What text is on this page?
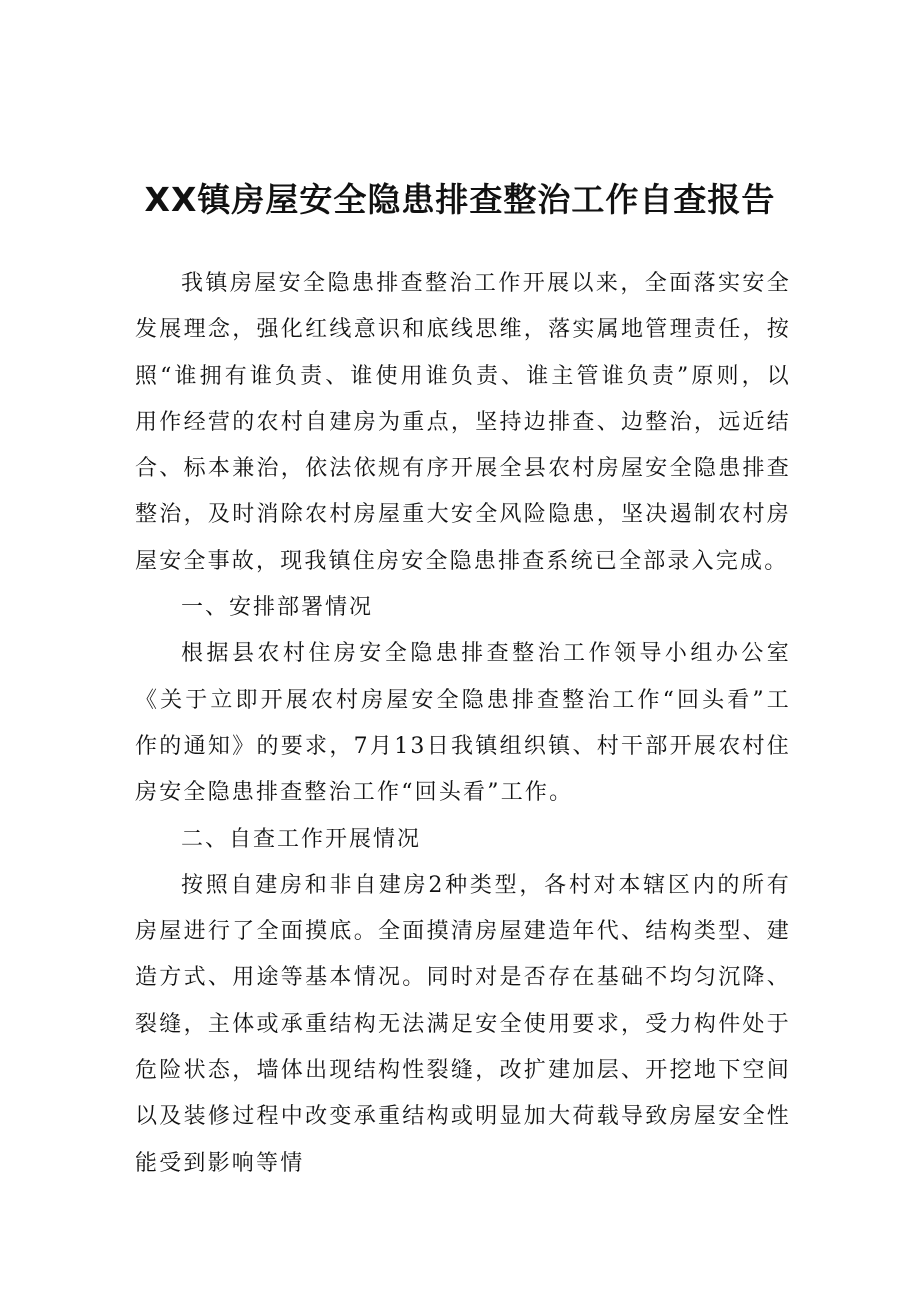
XX镇房屋安全隐患排查整治工作自查报告

我镇房屋安全隐患排查整治工作开展以来，全面落实安全发展理念，强化红线意识和底线思维，落实属地管理责任，按照“谁拥有谁负责、谁使用谁负责、谁主管谁负责”原则，以用作经营的农村自建房为重点，坚持边排查、边整治，远近结合、标本兼治，依法依规有序开展全县农村房屋安全隐患排查整治，及时消除农村房屋重大安全风险隐患，坚决遏制农村房屋安全事故，现我镇住房安全隐患排查系统已全部录入完成。

一、安排部署情况

根据县农村住房安全隐患排查整治工作领导小组办公室《关于立即开展农村房屋安全隐患排查整治工作“回头看”工作的通知》的要求，7月13日我镇组织镇、村干部开展农村住房安全隐患排查整治工作“回头看”工作。

二、自查工作开展情况

按照自建房和非自建房2种类型，各村对本辖区内的所有房屋进行了全面摸底。全面摸清房屋建造年代、结构类型、建造方式、用途等基本情况。同时对是否存在基础不均匀沉降、裂缝，主体或承重结构无法满足安全使用要求，受力构件处于危险状态，墙体出现结构性裂缝，改扩建加层、开挖地下空间以及装修过程中改变承重结构或明显加大荷载导致房屋安全性能受到影响等情
